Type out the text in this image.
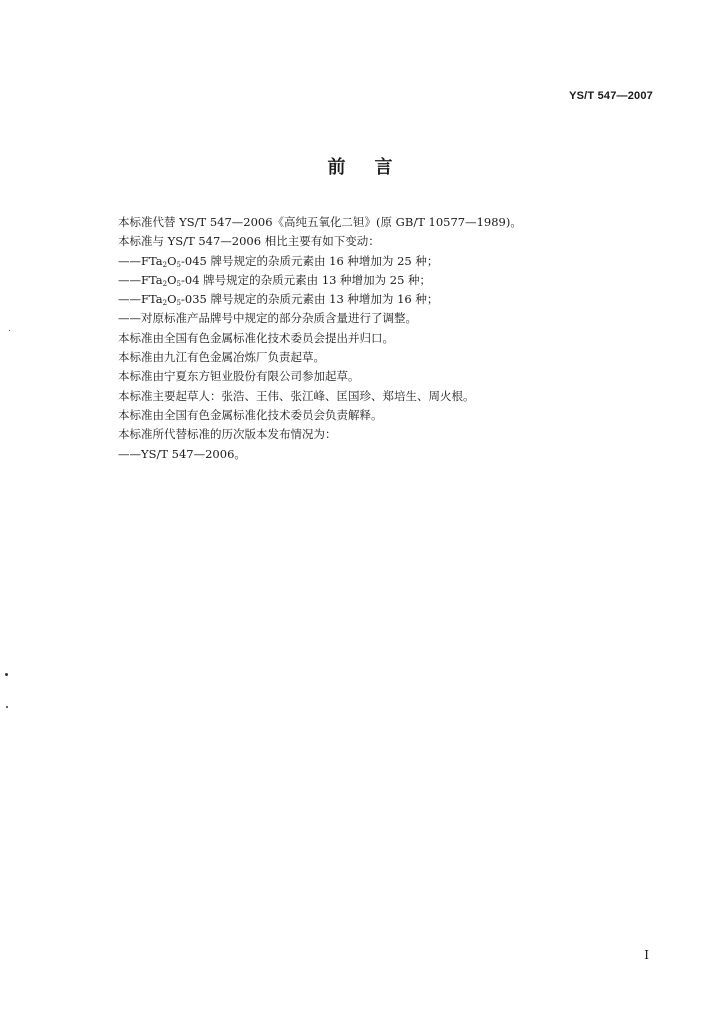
YS/T 547—2007
前 言
本标准代替 YS/T 547—2006《高纯五氧化二钽》(原 GB/T 10577—1989)。
本标准与 YS/T 547—2006 相比主要有如下变动：
$——FTa_2O_5-045$ 牌号规定的杂质元素由 16 种增加为 25 种；
$——FTa_2O_5-04$ 牌号规定的杂质元素由 13 种增加为 25 种；
$——FTa_2O_5-035$ 牌号规定的杂质元素由 13 种增加为 16 种；
——对原标准产品牌号中规定的部分杂质含量进行了调整。
本标准由全国有色金属标准化技术委员会提出并归口。
本标准由九江有色金属冶炼厂负责起草。
本标准由宁夏东方钽业股份有限公司参加起草。
本标准主要起草人：张浩、王伟、张江峰、匡国珍、郑培生、周火根。
本标准由全国有色金属标准化技术委员会负责解释。
本标准所代替标准的历次版本发布情况为：
——YS/T 547—2006。
I
